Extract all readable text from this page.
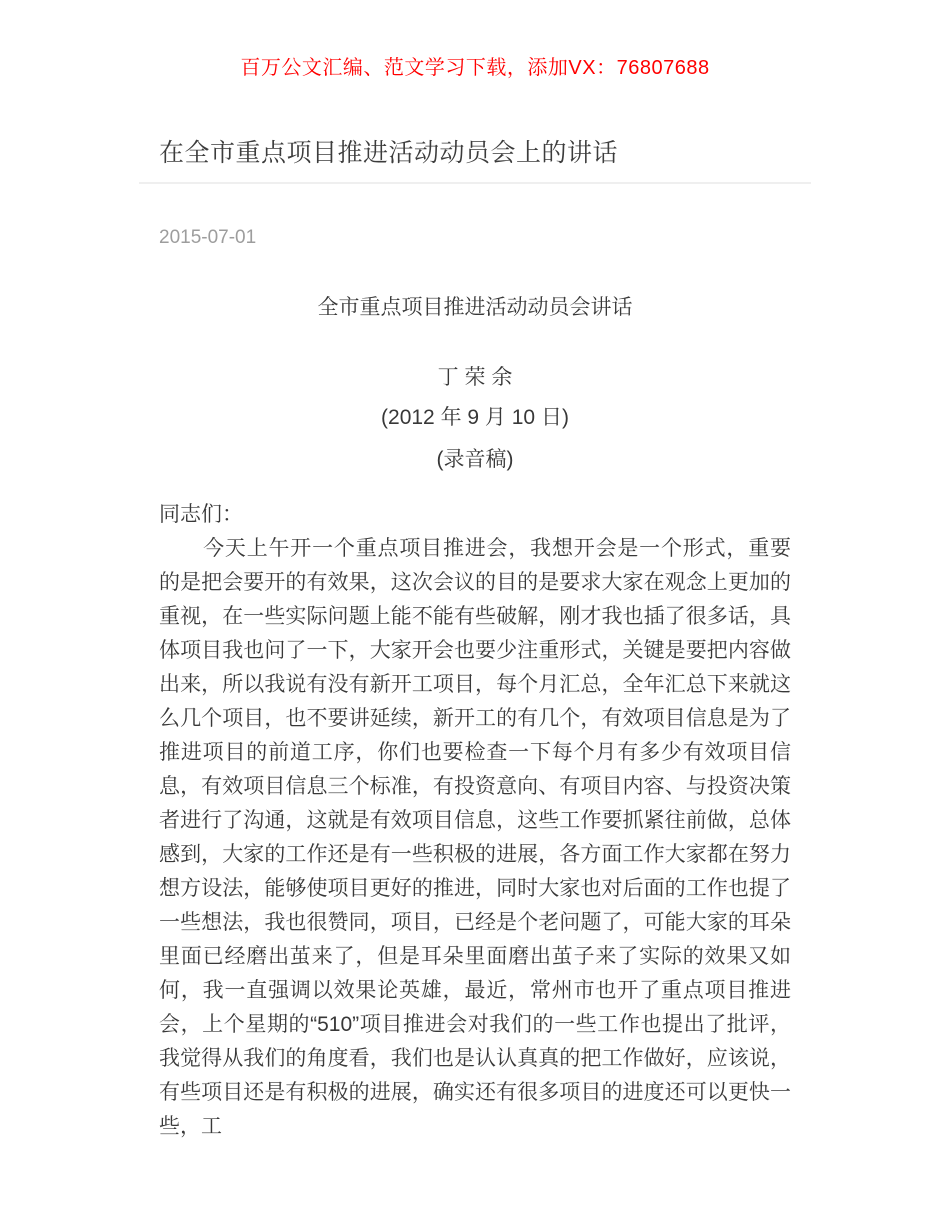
百万公文汇编、范文学习下载，添加VX：76807688
在全市重点项目推进活动动员会上的讲话
2015-07-01

全市重点项目推进活动动员会讲话

丁 荣 余

(2012 年 9 月 10 日)

(录音稿)

同志们：

今天上午开一个重点项目推进会，我想开会是一个形式，重要的是把会要开的有效果，这次会议的目的是要求大家在观念上更加的重视，在一些实际问题上能不能有些破解，刚才我也插了很多话，具体项目我也问了一下，大家开会也要少注重形式，关键是要把内容做出来，所以我说有没有新开工项目，每个月汇总，全年汇总下来就这么几个项目，也不要讲延续，新开工的有几个，有效项目信息是为了推进项目的前道工序，你们也要检查一下每个月有多少有效项目信息，有效项目信息三个标准，有投资意向、有项目内容、与投资决策者进行了沟通，这就是有效项目信息，这些工作要抓紧往前做，总体感到，大家的工作还是有一些积极的进展，各方面工作大家都在努力想方设法，能够使项目更好的推进，同时大家也对后面的工作也提了一些想法，我也很赞同，项目，已经是个老问题了，可能大家的耳朵里面已经磨出茧来了，但是耳朵里面磨出茧子来了实际的效果又如何，我一直强调以效果论英雄，最近，常州市也开了重点项目推进会，上个星期的“510”项目推进会对我们的一些工作也提出了批评，我觉得从我们的角度看，我们也是认认真真的把工作做好，应该说，有些项目还是有积极的进展，确实还有很多项目的进度还可以更快一些，工
